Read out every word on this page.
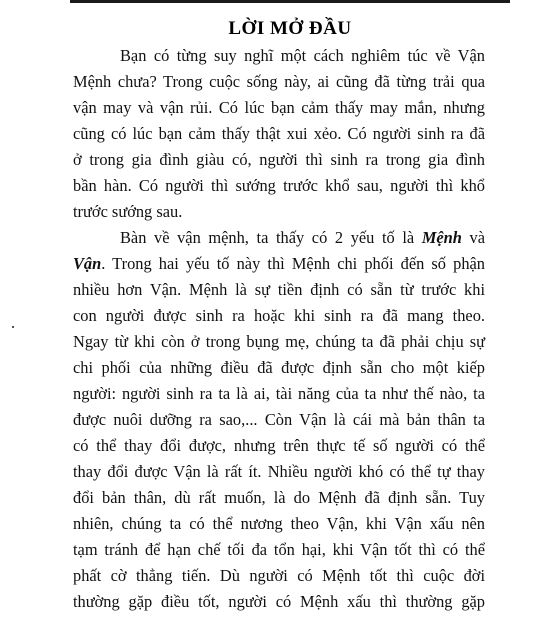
LỜI MỞ ĐẦU
Bạn có từng suy nghĩ một cách nghiêm túc về Vận
Mệnh chưa? Trong cuộc sống này, ai cũng đã từng trải qua
vận may và vận rủi. Có lúc bạn cảm thấy may mắn, nhưng
cũng có lúc bạn cảm thấy thật xui xẻo. Có người sinh ra đã
ở trong gia đình giàu có, người thì sinh ra trong gia đình
bần hàn. Có người thì sướng trước khổ sau, người thì khổ
trước sướng sau.
Bàn về vận mệnh, ta thấy có 2 yếu tố là Mệnh và
Vận. Trong hai yếu tố này thì Mệnh chi phối đến số phận
nhiều hơn Vận. Mệnh là sự tiền định có sẵn từ trước khi
con người được sinh ra hoặc khi sinh ra đã mang theo.
Ngay từ khi còn ở trong bụng mẹ, chúng ta đã phải chịu sự
chi phối của những điều đã được định sẵn cho một kiếp
người: người sinh ra ta là ai, tài năng của ta như thế nào, ta
được nuôi dưỡng ra sao,... Còn Vận là cái mà bản thân ta
có thể thay đổi được, nhưng trên thực tế số người có thể
thay đổi được Vận là rất ít. Nhiều người khó có thể tự thay
đổi bản thân, dù rất muốn, là do Mệnh đã định sẵn. Tuy
nhiên, chúng ta có thể nương theo Vận, khi Vận xấu nên
tạm tránh để hạn chế tối đa tổn hại, khi Vận tốt thì có thể
phất cờ thẳng tiến. Dù người có Mệnh tốt thì cuộc đời
thường gặp điều tốt, người có Mệnh xấu thì thường gặp
